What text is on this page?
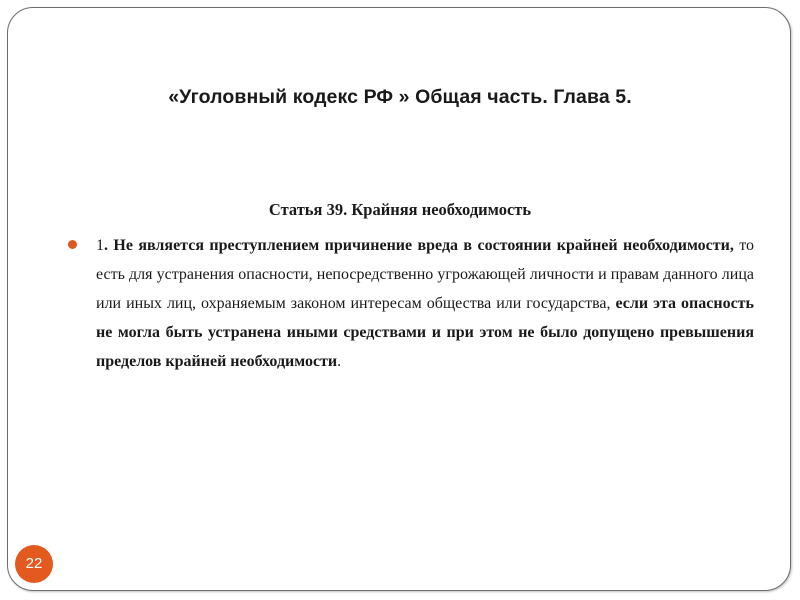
«Уголовный кодекс РФ » Общая часть. Глава 5.
Статья 39. Крайняя необходимость
1. Не является преступлением причинение вреда в состоянии крайней необходимости, то есть для устранения опасности, непосредственно угрожающей личности и правам данного лица или иных лиц, охраняемым законом интересам общества или государства, если эта опасность не могла быть устранена иными средствами и при этом не было допущено превышения пределов крайней необходимости.
22
